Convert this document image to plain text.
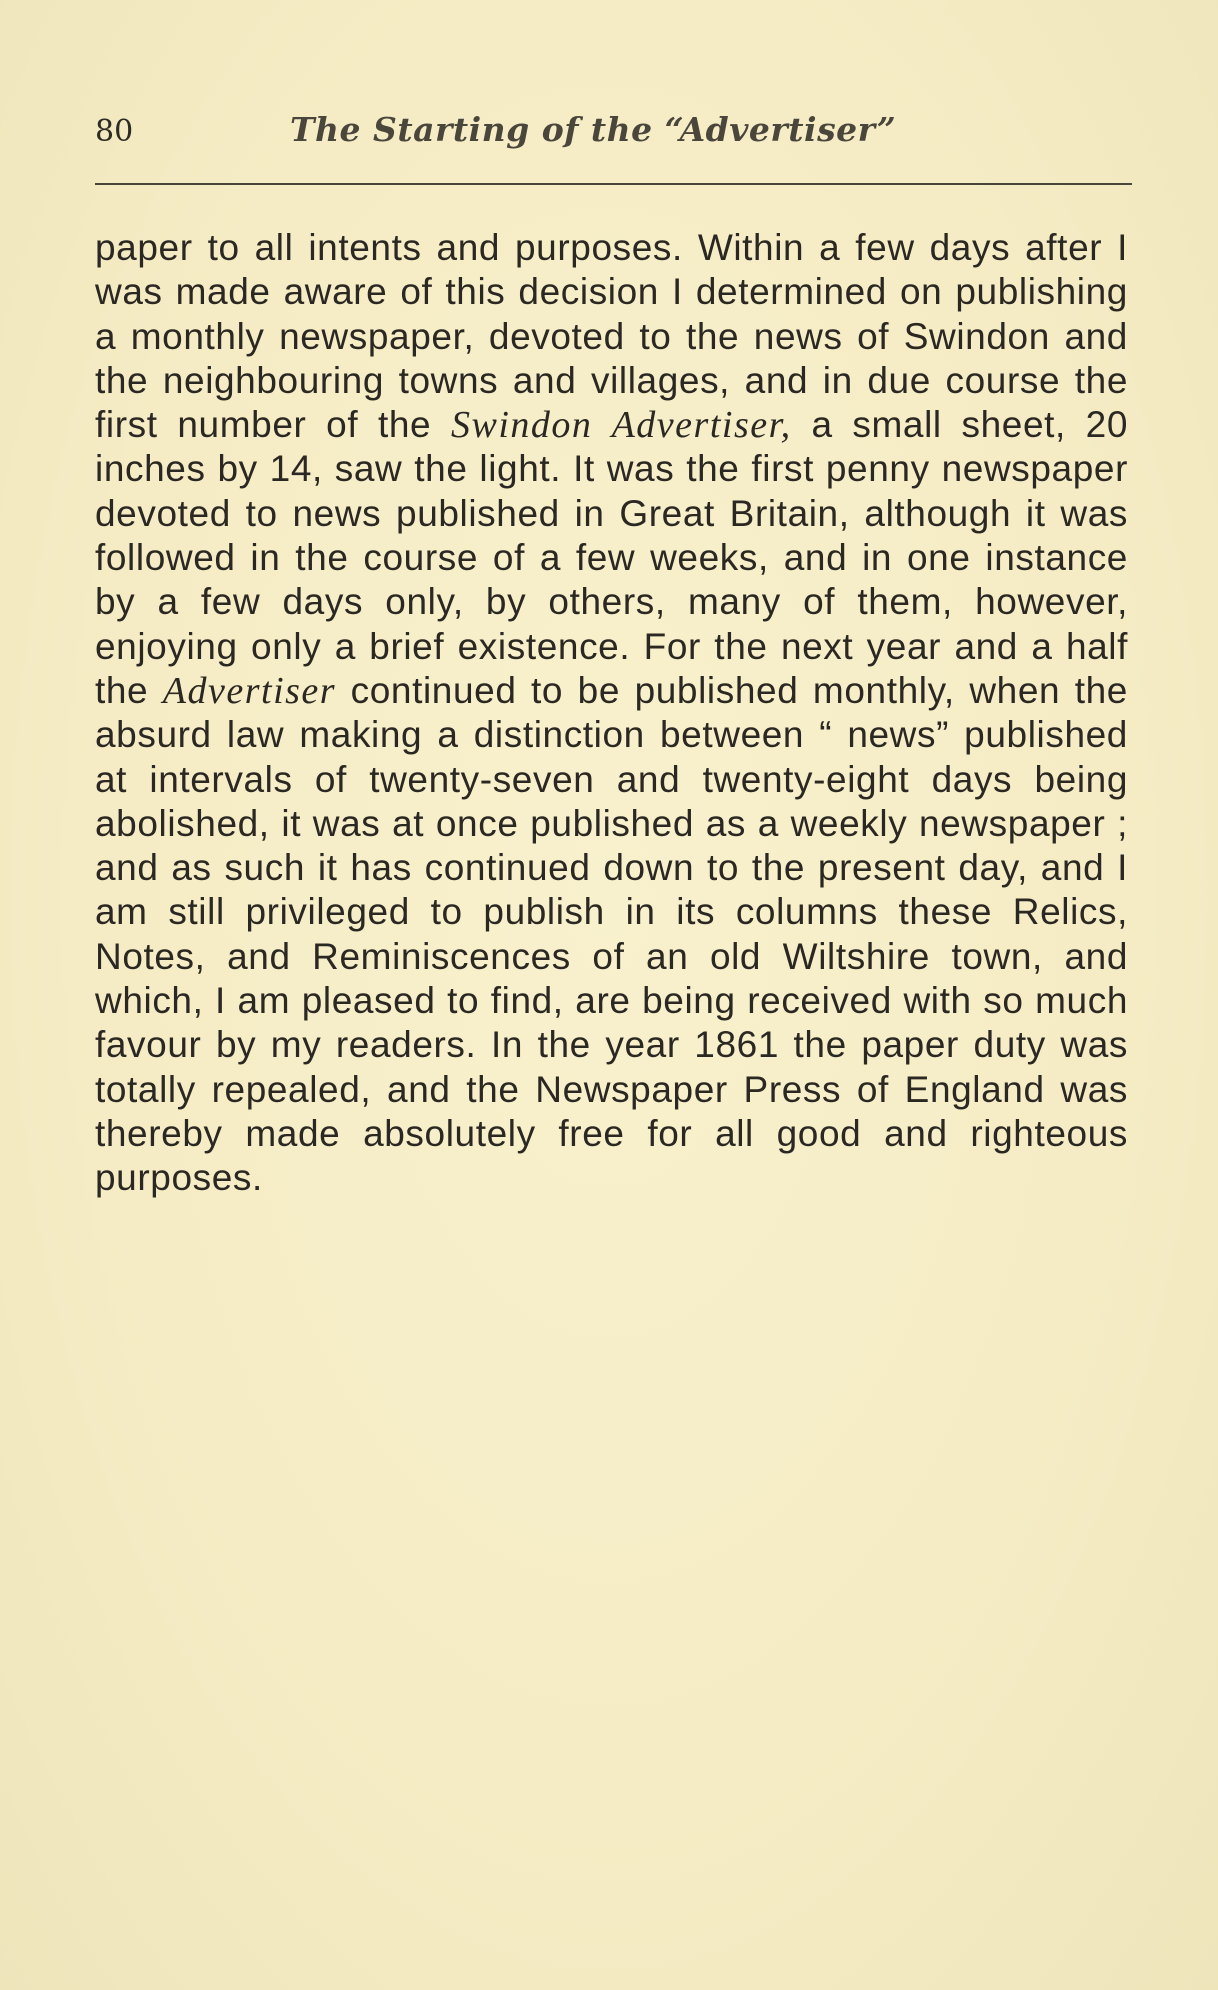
80	The Starting of the “Advertiser”

paper to all intents and purposes. Within a few days after I was made aware of this decision I determined on publishing a monthly newspaper, devoted to the news of Swindon and the neighbouring towns and villages, and in due course the first number of the Swindon Advertiser, a small sheet, 20 inches by 14, saw the light. It was the first penny newspaper devoted to news published in Great Britain, although it was followed in the course of a few weeks, and in one instance by a few days only, by others, many of them, however, enjoying only a brief existence. For the next year and a half the Advertiser continued to be published monthly, when the absurd law making a distinction between “ news” published at intervals of twenty-seven and twenty-eight days being abolished, it was at once published as a weekly newspaper ; and as such it has continued down to the present day, and I am still privileged to publish in its columns these Relics, Notes, and Reminiscences of an old Wiltshire town, and which, I am pleased to find, are being received with so much favour by my readers. In the year 1861 the paper duty was totally repealed, and the Newspaper Press of England was thereby made absolutely free for all good and righteous purposes.
